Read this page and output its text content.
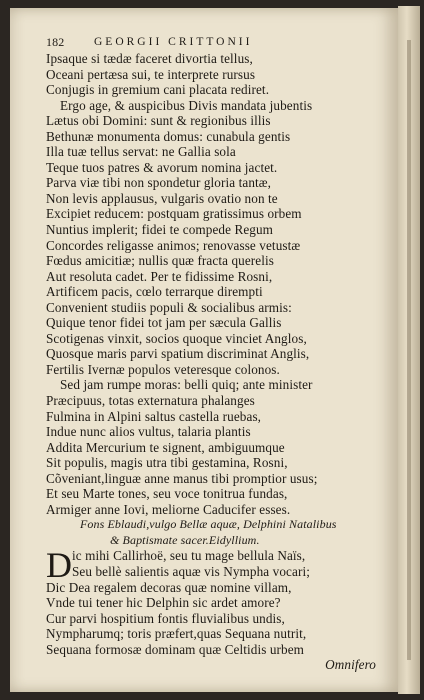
182	GEORGII CRITTONII
Ipsaque si tædæ faceret divortia tellus,
Oceani pertæsa sui, te interprete rursus
Conjugis in gremium cani placata rediret.
Ergo age, & auspicibus Divis mandata jubentis
Lætus obi Domini: sunt & regionibus illis
Bethunæ monumenta domus: cunabula gentis
Illa tuæ tellus servat: ne Gallia sola
Teque tuos patres & avorum nomina jactet.
Parva viæ tibi non spondetur gloria tantæ,
Non levis applausus, vulgaris ovatio non te
Excipiet reducem: postquam gratissimus orbem
Nuntius implerit; fidei te compede Regum
Concordes religasse animos; renovasse vetustæ
Fœdus amicitiæ; nullis quæ fracta querelis
Aut resoluta cadet. Per te fidissime Rosni,
Artificem pacis, cœlo terrarque dirempti
Convenient studiis populi & socialibus armis:
Quique tenor fidei tot jam per sæcula Gallis
Scotigenas vinxit, socios quoque vinciet Anglos,
Quosque maris parvi spatium discriminat Anglis,
Fertilis Ivernæ populos veteresque colonos.
Sed jam rumpe moras: belli quiq; ante minister
Præcipuus, totas externatura phalanges
Fulmina in Alpini saltus castella ruebas,
Indue nunc alios vultus, talaria plantis
Addita Mercurium te signent, ambiguumque
Sit populis, magis utra tibi gestamina, Rosni,
Cõveniant,linguæ anne manus tibi promptior usus;
Et seu Marte tones, seu voce tonitrua fundas,
Armiger anne Iovi, meliorne Caducifer esses.
Fons Eblaudi,vulgo Bellæ aquæ, Delphini Natalibus
& Baptismate sacer.Eidyllium.
D ic mihi Callirhoë, seu tu mage bellula Naïs,
Seu bellè salientis aquæ vis Nympha vocari;
Dic Dea regalem decoras quæ nomine villam,
Vnde tui tener hic Delphin sic ardet amore?
Cur parvi hospitium fontis fluvialibus undis,
Nympharumq; toris præfert,quas Sequana nutrit,
Sequana formosæ dominam quæ Celtidis urbem
Omnifero
